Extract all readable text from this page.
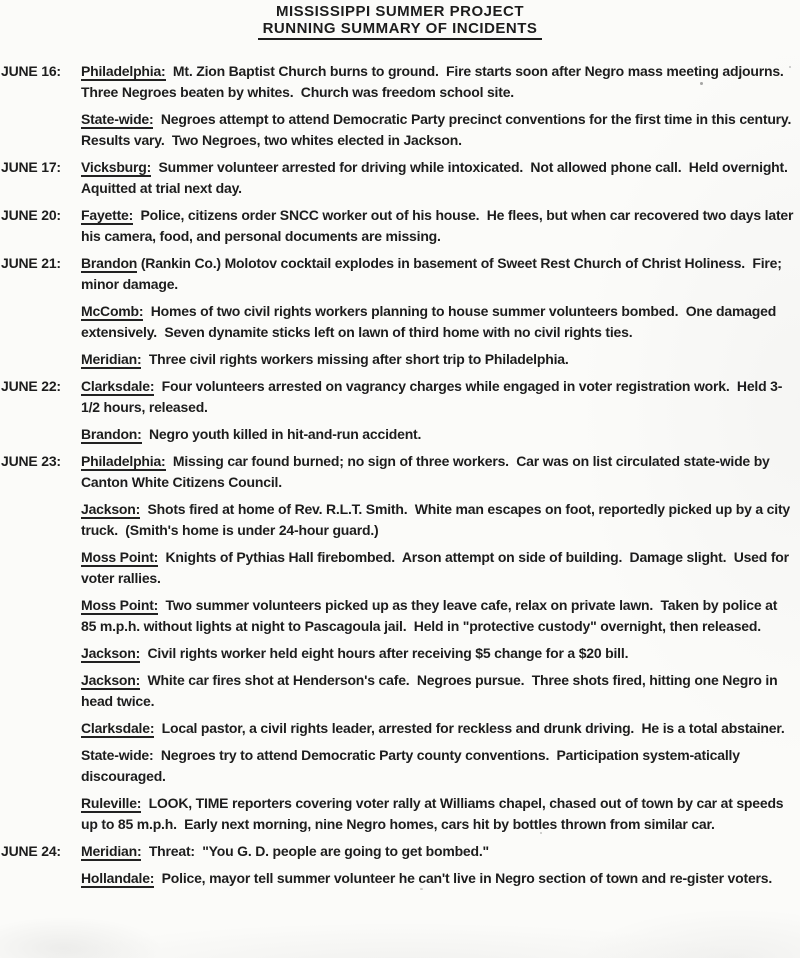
MISSISSIPPI SUMMER PROJECT
RUNNING SUMMARY OF INCIDENTS
JUNE 16:	Philadelphia:  Mt. Zion Baptist Church burns to ground.  Fire starts soon after Negro mass meeting adjourns.  Three Negroes beaten by whites.  Church was freedom school site.

State-wide:  Negroes attempt to attend Democratic Party precinct conventions for the first time in this century.  Results vary.  Two Negroes, two whites elected in Jackson.

JUNE 17:	Vicksburg:  Summer volunteer arrested for driving while intoxicated.  Not allowed phone call.  Held overnight.  Aquitted at trial next day.

JUNE 20:	Fayette:  Police, citizens order SNCC worker out of his house.  He flees, but when car recovered two days later his camera, food, and personal documents are missing.

JUNE 21:	Brandon (Rankin Co.) Molotov cocktail explodes in basement of Sweet Rest Church of Christ Holiness.  Fire; minor damage.

McComb:  Homes of two civil rights workers planning to house summer volunteers bombed.  One damaged extensively.  Seven dynamite sticks left on lawn of third home with no civil rights ties.

Meridian:  Three civil rights workers missing after short trip to Philadelphia.

JUNE 22:	Clarksdale:  Four volunteers arrested on vagrancy charges while engaged in voter registration work.  Held 3-1/2 hours, released.

Brandon:  Negro youth killed in hit-and-run accident.

JUNE 23:	Philadelphia:  Missing car found burned; no sign of three workers.  Car was on list circulated state-wide by Canton White Citizens Council.

Jackson:  Shots fired at home of Rev. R.L.T. Smith.  White man escapes on foot, reportedly picked up by a city truck.  (Smith's home is under 24-hour guard.)

Moss Point:  Knights of Pythias Hall firebombed.  Arson attempt on side of building.  Damage slight.  Used for voter rallies.

Moss Point:  Two summer volunteers picked up as they leave cafe, relax on private lawn.  Taken by police at 85 m.p.h. without lights at night to Pascagoula jail.  Held in "protective custody" overnight, then released.

Jackson:  Civil rights worker held eight hours after receiving $5 change for a $20 bill.

Jackson:  White car fires shot at Henderson's cafe.  Negroes pursue.  Three shots fired, hitting one Negro in head twice.

Clarksdale:  Local pastor, a civil rights leader, arrested for reckless and drunk driving.  He is a total abstainer.

State-wide:  Negroes try to attend Democratic Party county conventions.  Participation system-atically discouraged.

Ruleville:  LOOK, TIME reporters covering voter rally at Williams chapel, chased out of town by car at speeds up to 85 m.p.h.  Early next morning, nine Negro homes, cars hit by bottles thrown from similar car.

JUNE 24:	Meridian:  Threat:  "You G. D. people are going to get bombed."

Hollandale:  Police, mayor tell summer volunteer he can't live in Negro section of town and re-gister voters.
